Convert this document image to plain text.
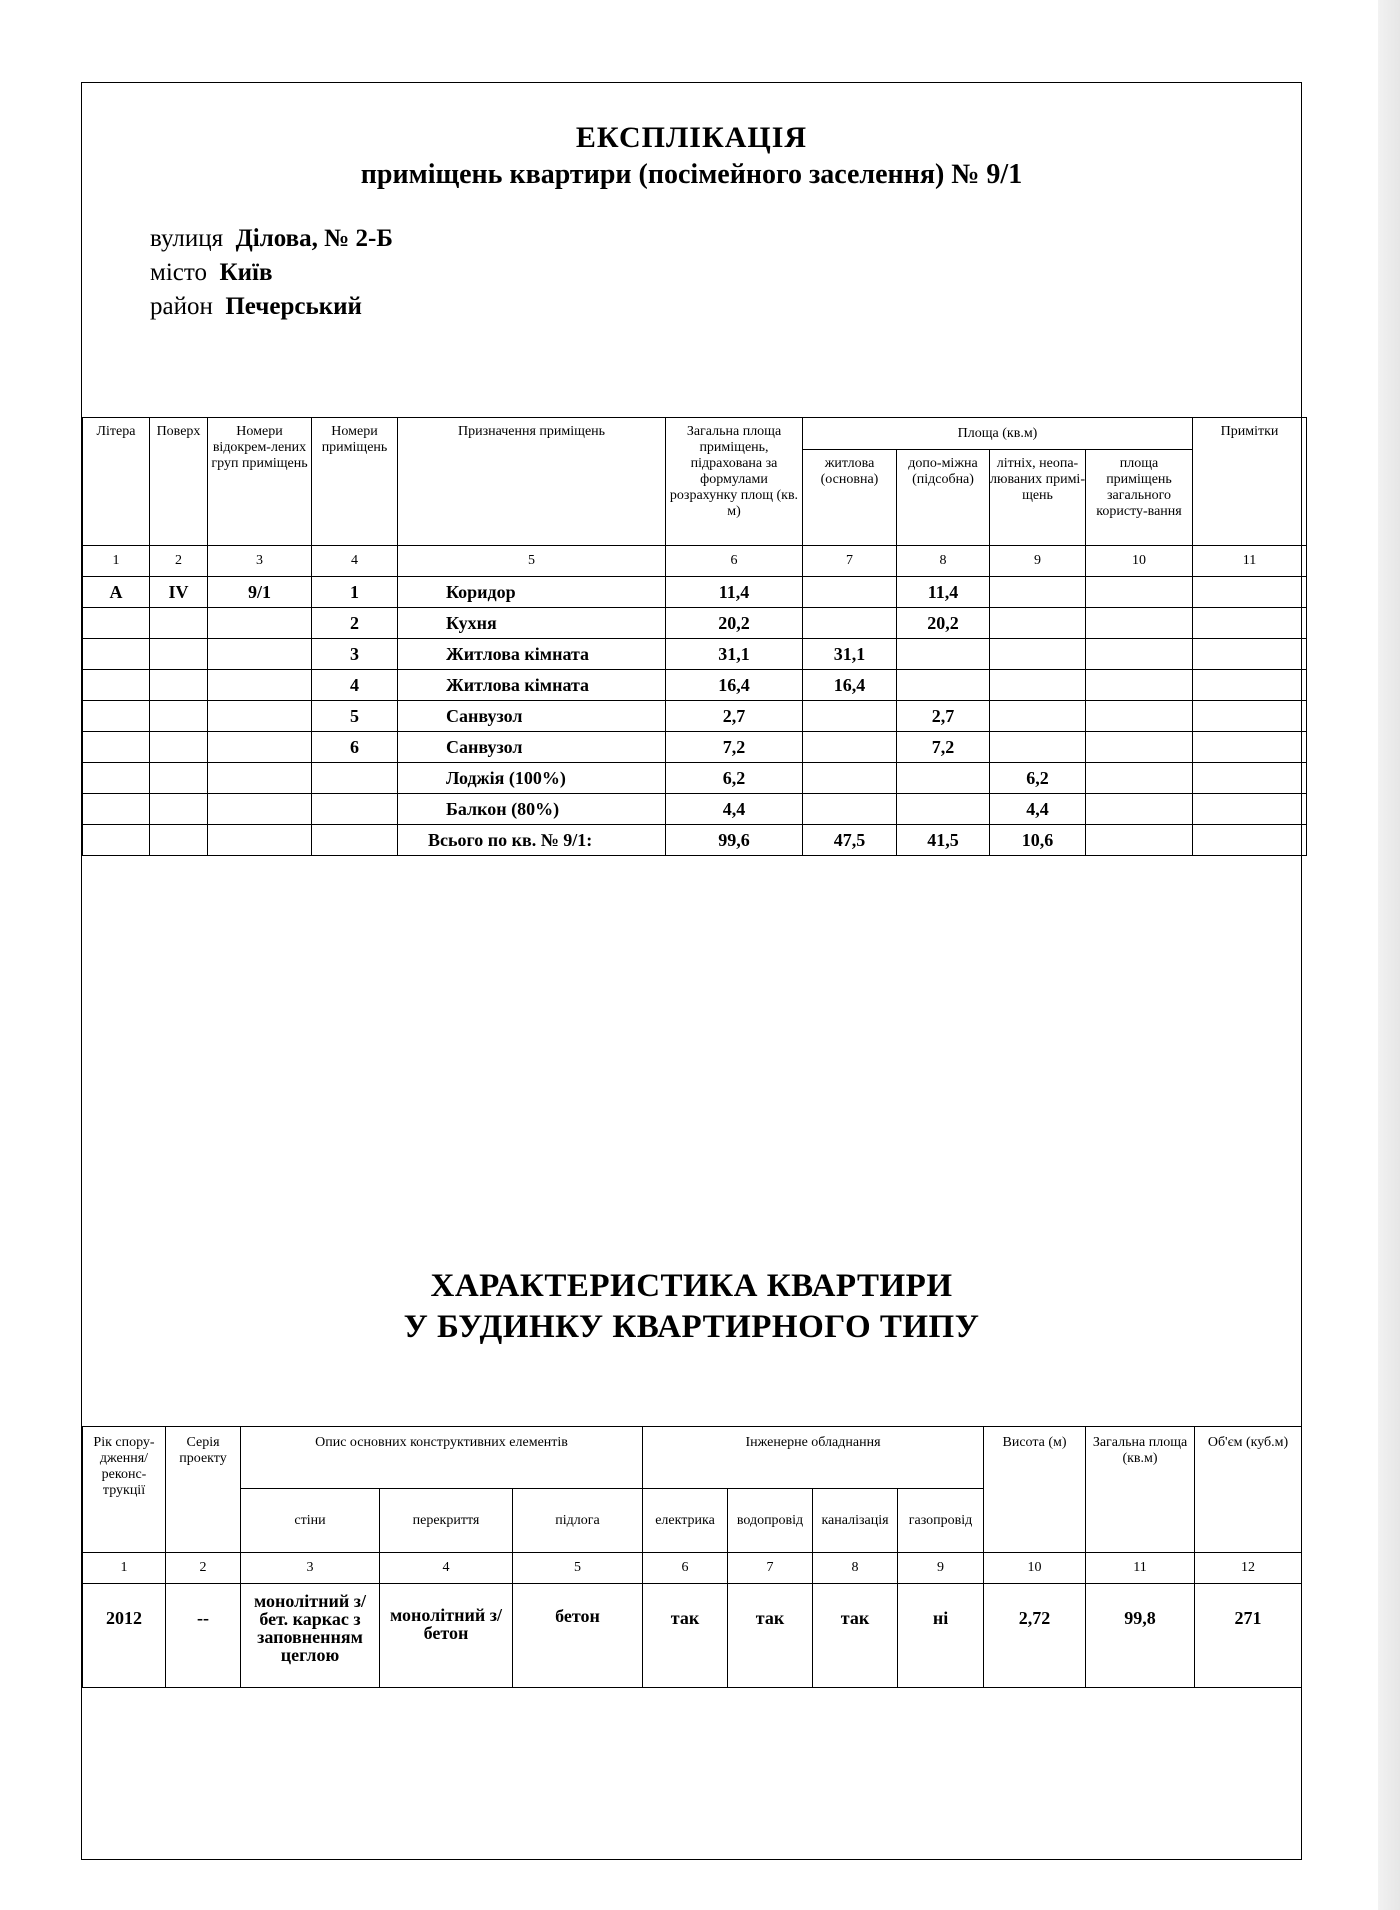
ЕКСПЛІКАЦІЯ
приміщень квартири (посімейного заселення) № 9/1
вулиця Ділова, № 2-Б
місто Київ
район Печерський
Літера	Поверх	Номери відокрем-лених груп приміщень	Номери приміщень	Призначення приміщень	Загальна площа приміщень, підрахована за формулами розрахунку площ (кв. м)	Площа (кв.м)				Примітки
						житлова (основна)	допо-міжна (підсобна)	літніх, неопа-люваних примі-щень	площа приміщень загального користу-вання	
1	2	3	4	5	6	7	8	9	10	11
А	IV	9/1	1	Коридор	11,4		11,4			
			2	Кухня	20,2		20,2			
			3	Житлова кімната	31,1	31,1				
			4	Житлова кімната	16,4	16,4				
			5	Санвузол	2,7		2,7			
			6	Санвузол	7,2		7,2			
				Лоджія (100%)	6,2			6,2		
				Балкон (80%)	4,4			4,4		
				Всього по кв. № 9/1:	99,6	47,5	41,5	10,6		
ХАРАКТЕРИСТИКА КВАРТИРИ
У БУДИНКУ КВАРТИРНОГО ТИПУ
Рік спору-дження/ реконс-трукції	Серія проекту	Опис основних конструктивних елементів			Інженерне обладнання				Висота (м)	Загальна площа (кв.м)	Об'єм (куб.м)
		стіни	перекриття	підлога	електрика	водопровід	каналізація	газопровід			
1	2	3	4	5	6	7	8	9	10	11	12
2012	--	монолітний з/бет. каркас з заповненням цеглою	монолітний з/бетон	бетон	так	так	так	ні	2,72	99,8	271
